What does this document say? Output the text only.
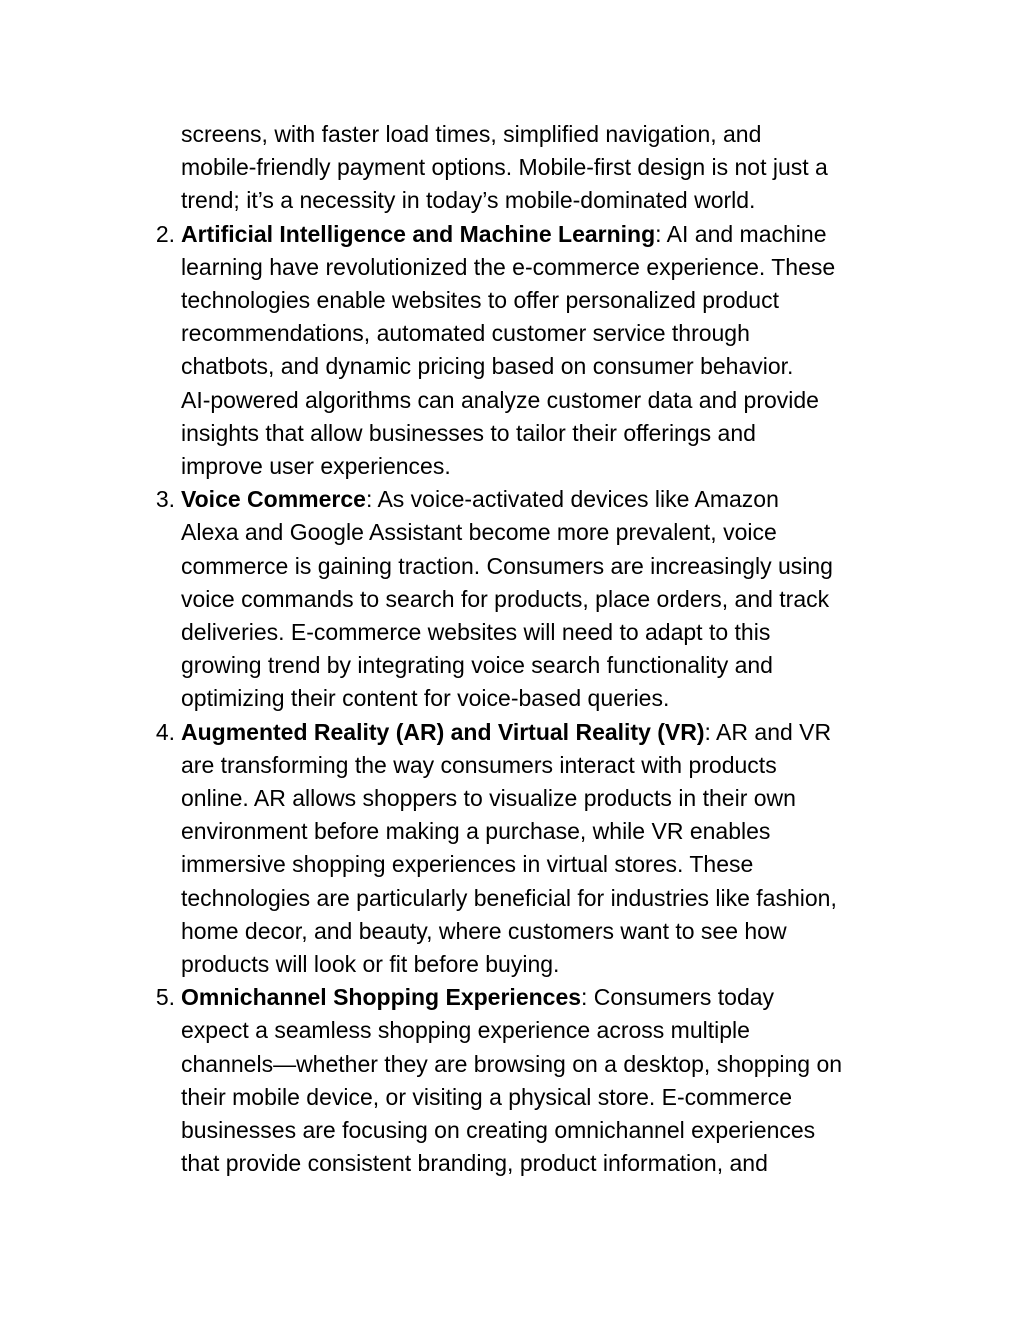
screens, with faster load times, simplified navigation, and
mobile-friendly payment options. Mobile-first design is not just a
trend; it’s a necessity in today’s mobile-dominated world.
2. Artificial Intelligence and Machine Learning: AI and machine
learning have revolutionized the e-commerce experience. These
technologies enable websites to offer personalized product
recommendations, automated customer service through
chatbots, and dynamic pricing based on consumer behavior.
AI-powered algorithms can analyze customer data and provide
insights that allow businesses to tailor their offerings and
improve user experiences.
3. Voice Commerce: As voice-activated devices like Amazon
Alexa and Google Assistant become more prevalent, voice
commerce is gaining traction. Consumers are increasingly using
voice commands to search for products, place orders, and track
deliveries. E-commerce websites will need to adapt to this
growing trend by integrating voice search functionality and
optimizing their content for voice-based queries.
4. Augmented Reality (AR) and Virtual Reality (VR): AR and VR
are transforming the way consumers interact with products
online. AR allows shoppers to visualize products in their own
environment before making a purchase, while VR enables
immersive shopping experiences in virtual stores. These
technologies are particularly beneficial for industries like fashion,
home decor, and beauty, where customers want to see how
products will look or fit before buying.
5. Omnichannel Shopping Experiences: Consumers today
expect a seamless shopping experience across multiple
channels—whether they are browsing on a desktop, shopping on
their mobile device, or visiting a physical store. E-commerce
businesses are focusing on creating omnichannel experiences
that provide consistent branding, product information, and
